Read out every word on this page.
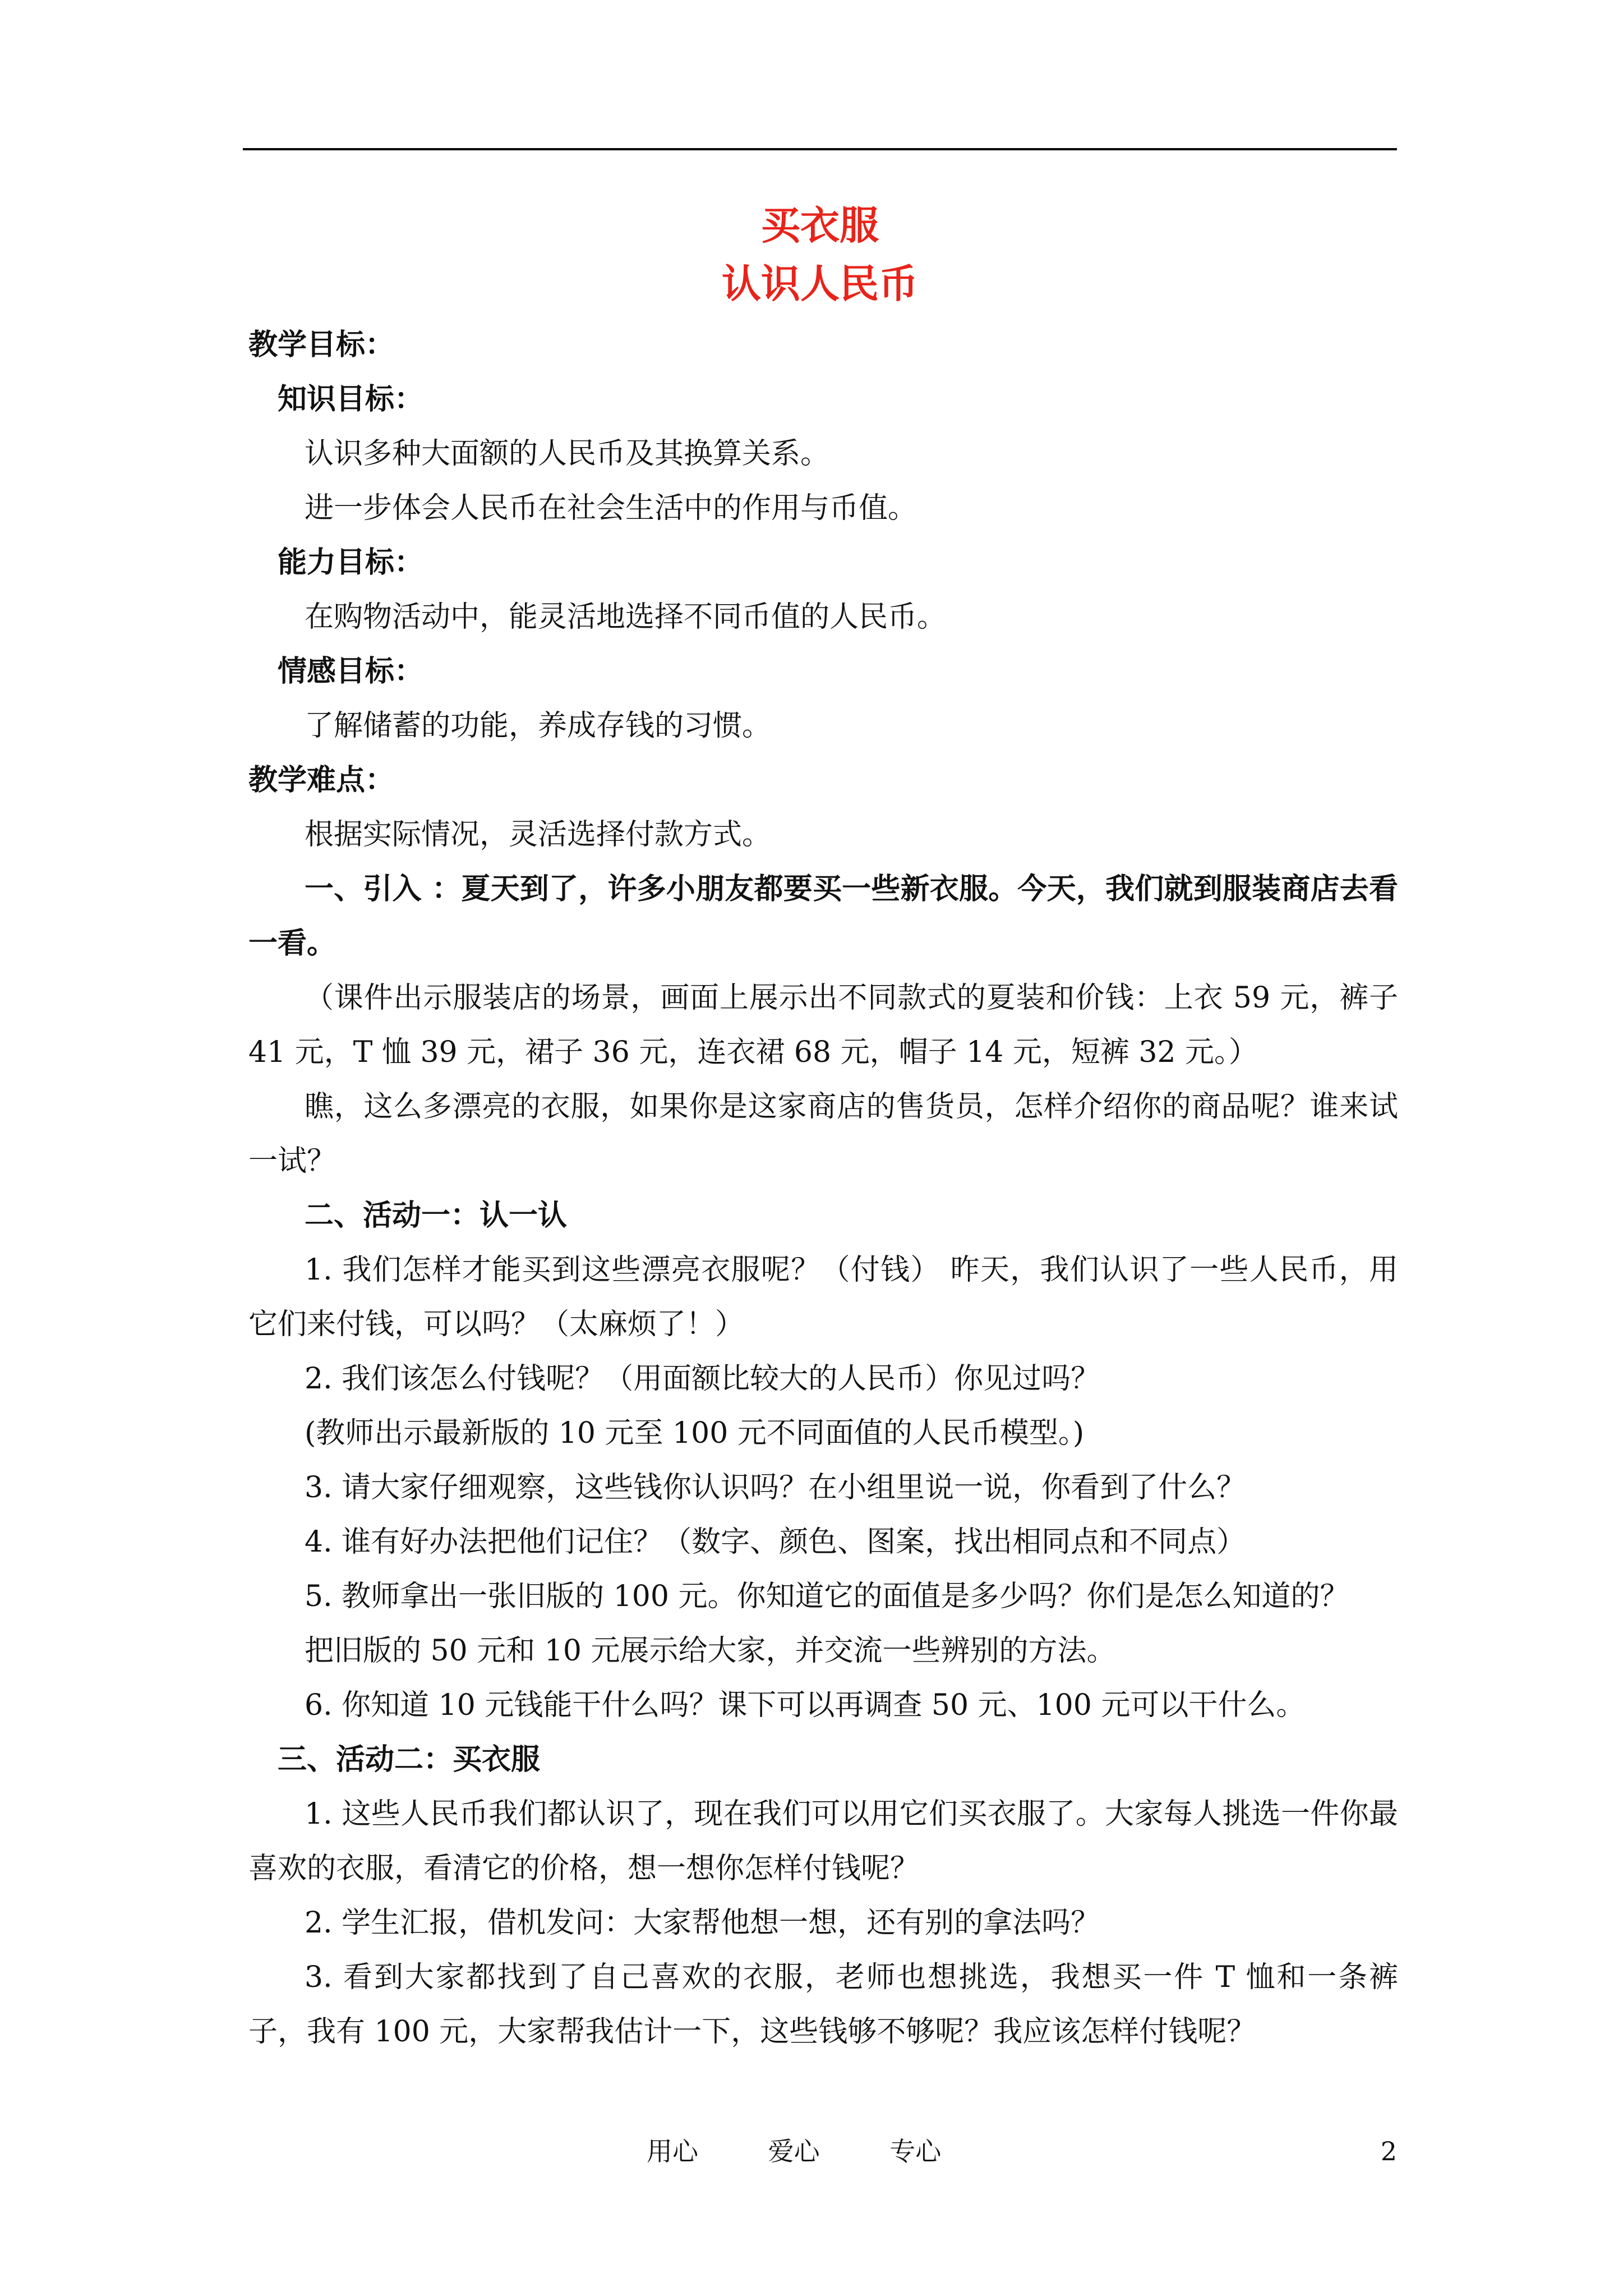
买衣服
认识人民币

教学目标：

知识目标：

认识多种大面额的人民币及其换算关系。

进一步体会人民币在社会生活中的作用与币值。

能力目标：

在购物活动中，能灵活地选择不同币值的人民币。

情感目标：

了解储蓄的功能，养成存钱的习惯。

教学难点：

根据实际情况，灵活选择付款方式。

一、引入 ：夏天到了，许多小朋友都要买一些新衣服。今天，我们就到服装商店去看一看。

（课件出示服装店的场景，画面上展示出不同款式的夏装和价钱：上衣 59 元，裤子 41 元，T 恤 39 元，裙子 36 元，连衣裙 68 元，帽子 14 元，短裤 32 元。）

瞧，这么多漂亮的衣服，如果你是这家商店的售货员，怎样介绍你的商品呢？谁来试一试？

二、活动一：认一认

1. 我们怎样才能买到这些漂亮衣服呢？（付钱） 昨天，我们认识了一些人民币，用它们来付钱，可以吗？（太麻烦了！）

2. 我们该怎么付钱呢？（用面额比较大的人民币）你见过吗？

(教师出示最新版的 10 元至 100 元不同面值的人民币模型。)

3. 请大家仔细观察，这些钱你认识吗？在小组里说一说，你看到了什么？

4. 谁有好办法把他们记住？（数字、颜色、图案，找出相同点和不同点）

5. 教师拿出一张旧版的 100 元。你知道它的面值是多少吗？你们是怎么知道的？

把旧版的 50 元和 10 元展示给大家，并交流一些辨别的方法。

6. 你知道 10 元钱能干什么吗？课下可以再调查 50 元、100 元可以干什么。

三、活动二：买衣服

1. 这些人民币我们都认识了，现在我们可以用它们买衣服了。大家每人挑选一件你最喜欢的衣服，看清它的价格，想一想你怎样付钱呢？

2. 学生汇报，借机发问：大家帮他想一想，还有别的拿法吗？

3. 看到大家都找到了自己喜欢的衣服，老师也想挑选，我想买一件 T 恤和一条裤子，我有 100 元，大家帮我估计一下，这些钱够不够呢？我应该怎样付钱呢？

用心	爱心	专心	2
